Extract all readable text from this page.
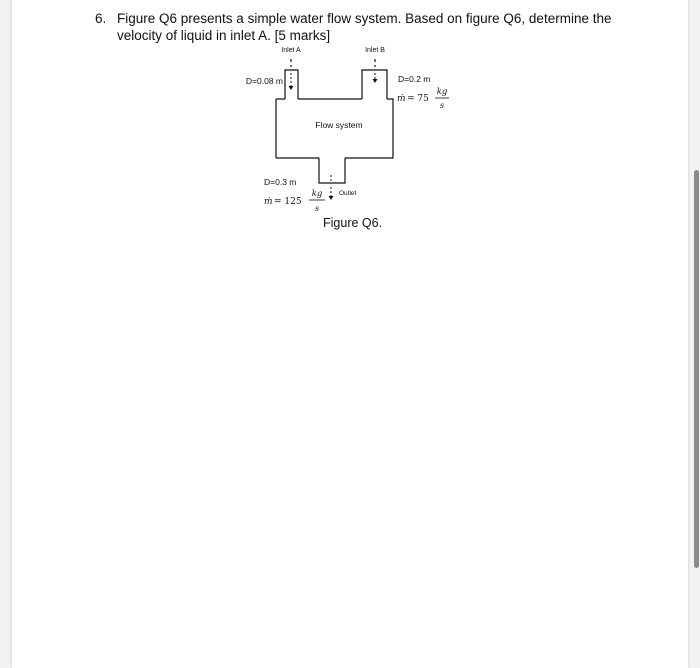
6. Figure Q6 presents a simple water flow system. Based on figure Q6, determine the velocity of liquid in inlet A. [5 marks]
Inlet A	Inlet B
Flow system
D=0.08 m	D=0.2 m
ṁ = 75
kg
s
D=0.3 m
ṁ = 125
kg
s
Outlet
Figure Q6.
